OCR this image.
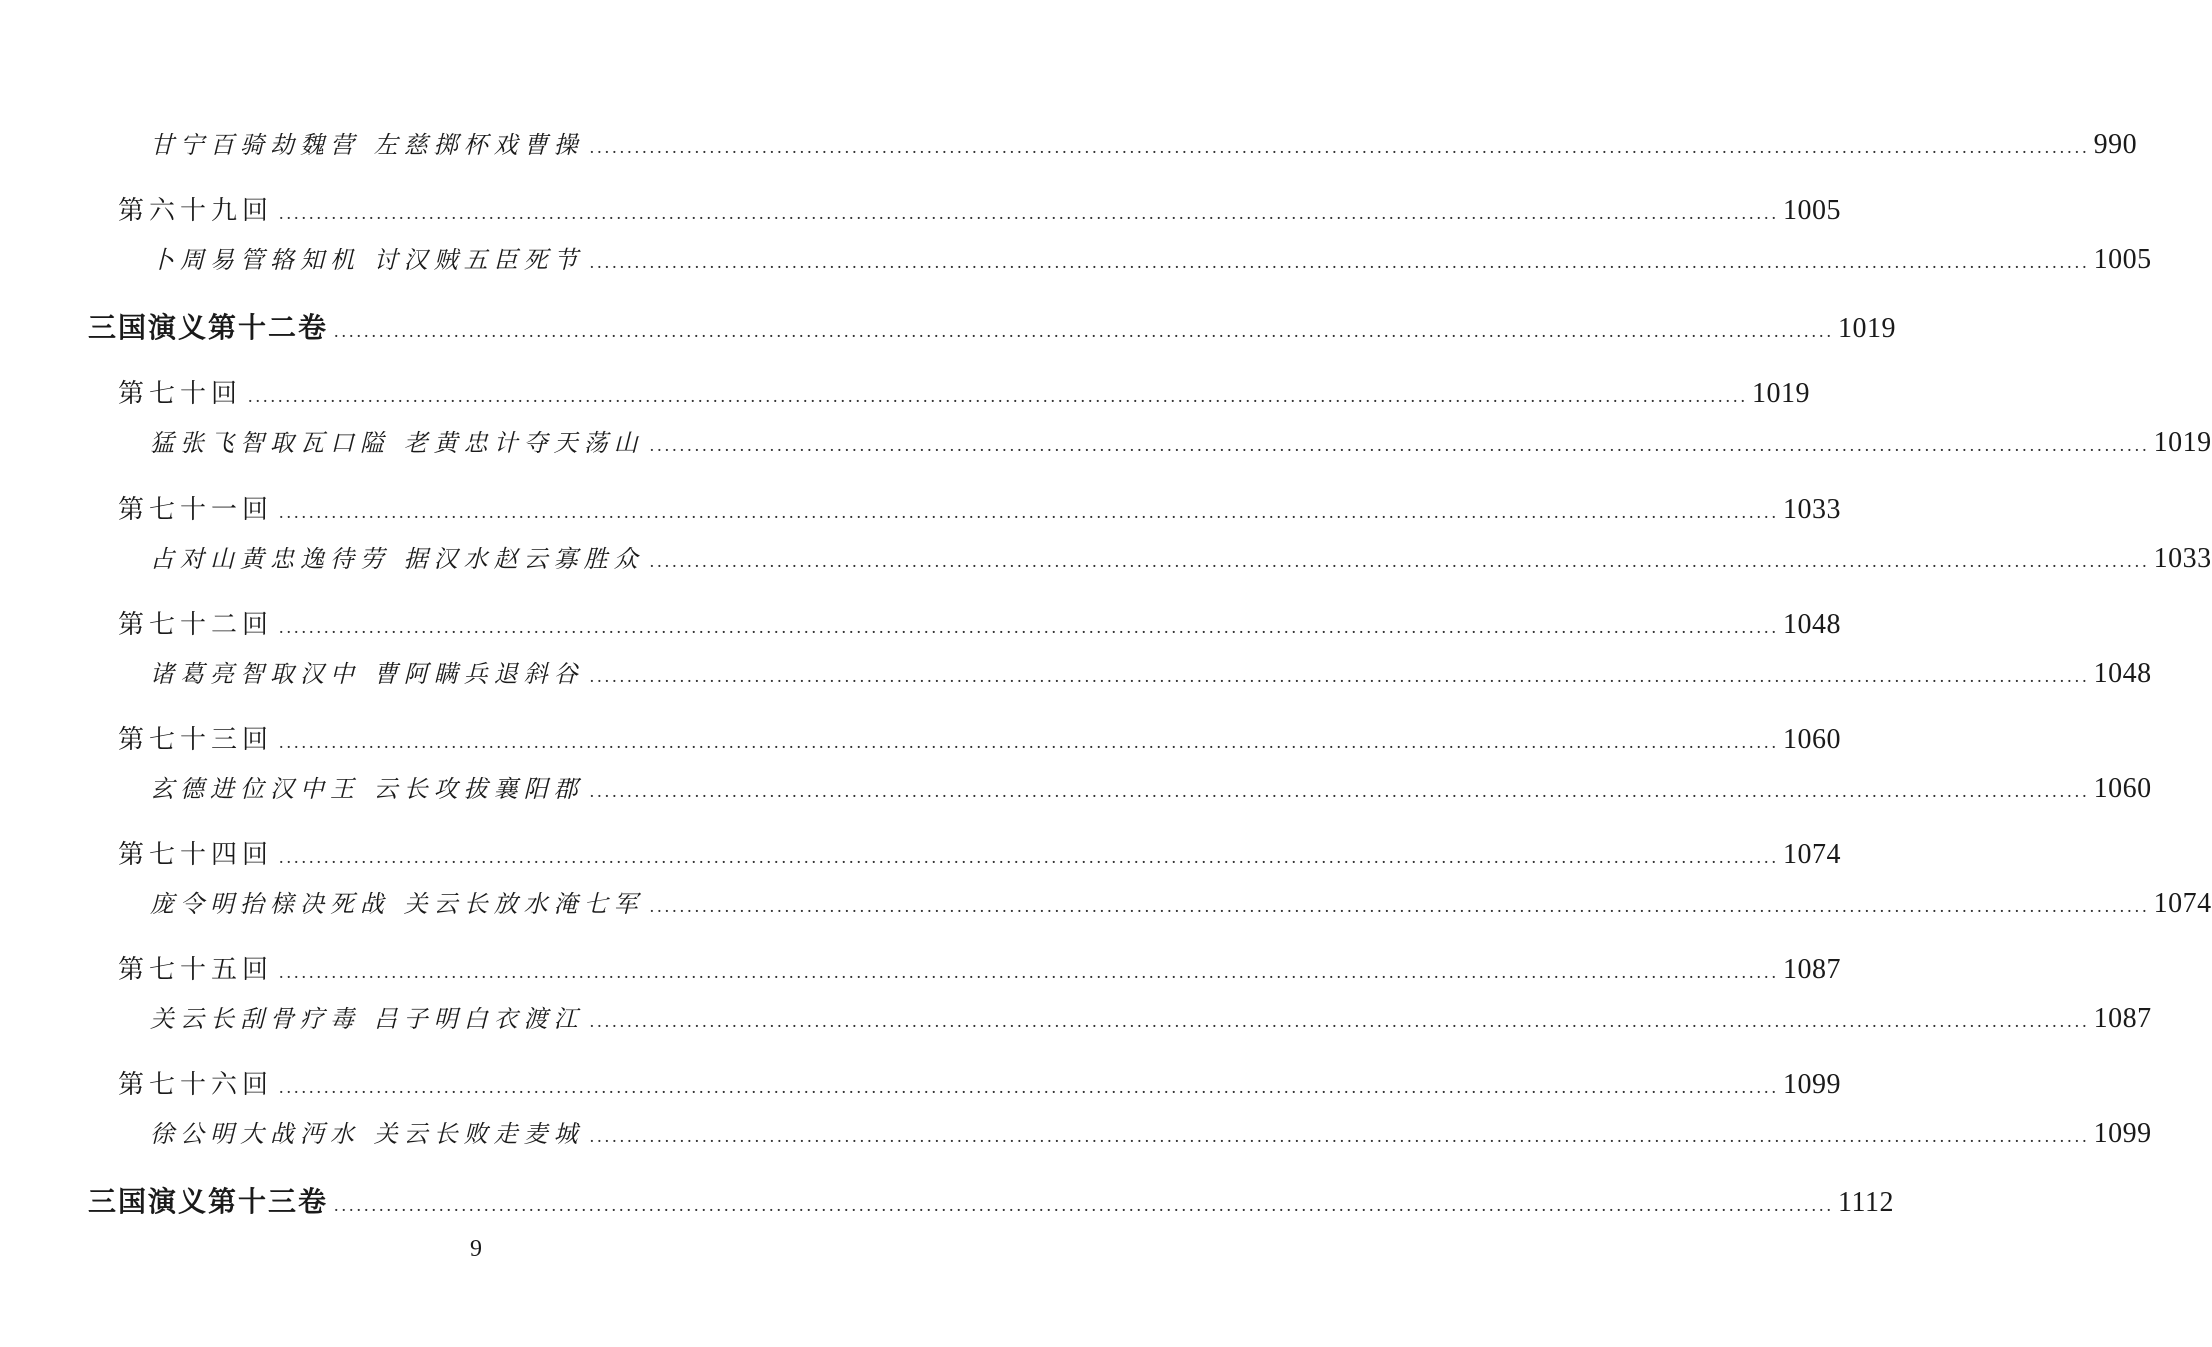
甘宁百骑劫魏营 左慈掷杯戏曹操 ........................................................................................................................................................................................................ 990
第六十九回 ........................................................................................................................................................................................................ 1005
卜周易管辂知机 讨汉贼五臣死节 ........................................................................................................................................................................................................ 1005
三国演义第十二卷 ........................................................................................................................................................................................................ 1019
第七十回 ........................................................................................................................................................................................................ 1019
猛张飞智取瓦口隘 老黄忠计夺天荡山 ........................................................................................................................................................................................................ 1019
第七十一回 ........................................................................................................................................................................................................ 1033
占对山黄忠逸待劳 据汉水赵云寡胜众 ........................................................................................................................................................................................................ 1033
第七十二回 ........................................................................................................................................................................................................ 1048
诸葛亮智取汉中 曹阿瞒兵退斜谷 ........................................................................................................................................................................................................ 1048
第七十三回 ........................................................................................................................................................................................................ 1060
玄德进位汉中王 云长攻拔襄阳郡 ........................................................................................................................................................................................................ 1060
第七十四回 ........................................................................................................................................................................................................ 1074
庞令明抬榇决死战 关云长放水淹七军 ........................................................................................................................................................................................................ 1074
第七十五回 ........................................................................................................................................................................................................ 1087
关云长刮骨疗毒 吕子明白衣渡江 ........................................................................................................................................................................................................ 1087
第七十六回 ........................................................................................................................................................................................................ 1099
徐公明大战沔水 关云长败走麦城 ........................................................................................................................................................................................................ 1099
三国演义第十三卷 ........................................................................................................................................................................................................ 1112
9
